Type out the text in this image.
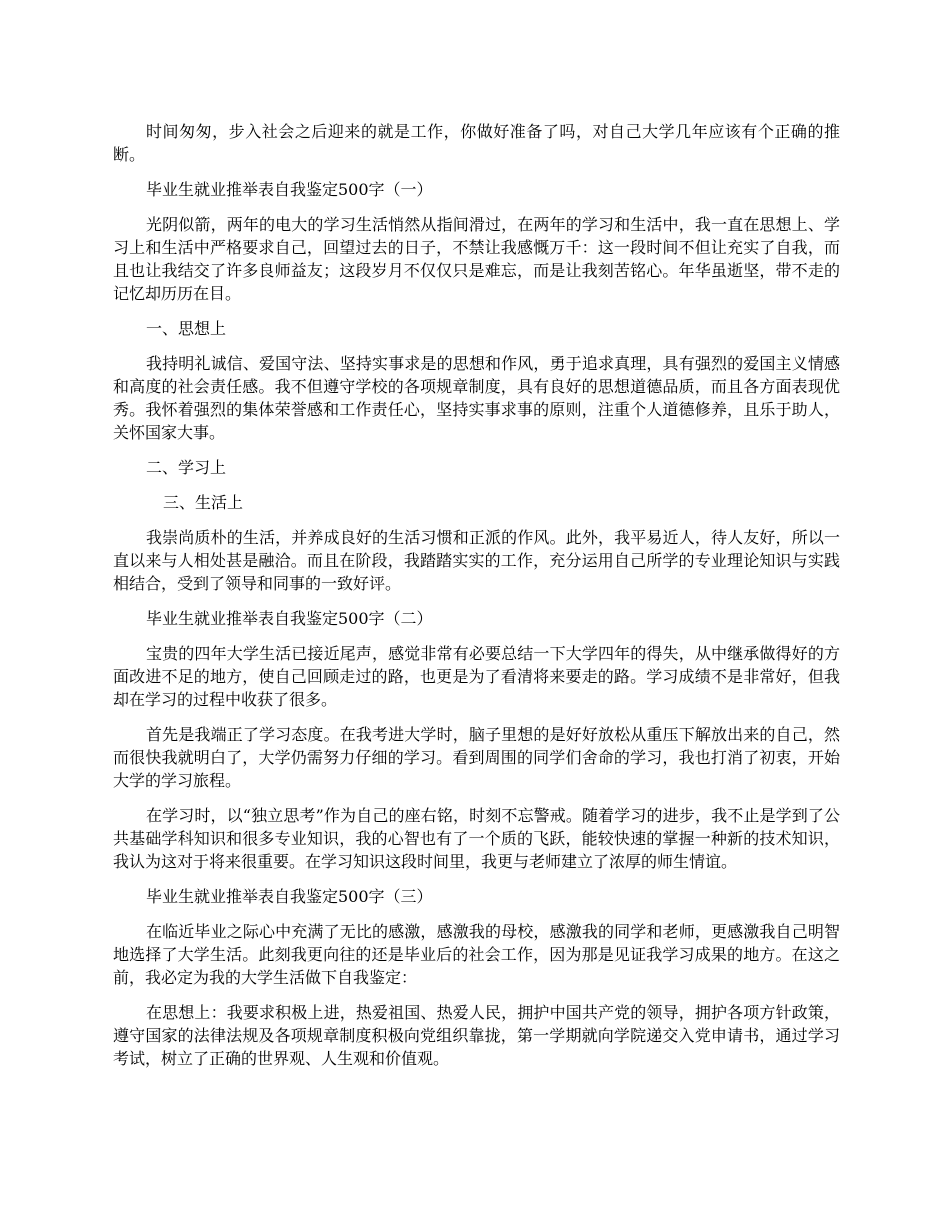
时间匆匆，步入社会之后迎来的就是工作，你做好准备了吗，对自己大学几年应该有个正确的推断。

毕业生就业推举表自我鉴定500字（一）

光阴似箭，两年的电大的学习生活悄然从指间滑过，在两年的学习和生活中，我一直在思想上、学习上和生活中严格要求自己，回望过去的日子，不禁让我感慨万千：这一段时间不但让充实了自我，而且也让我结交了许多良师益友；这段岁月不仅仅只是难忘，而是让我刻苦铭心。年华虽逝坚，带不走的记忆却历历在目。

一、思想上

我持明礼诚信、爱国守法、坚持实事求是的思想和作风，勇于追求真理，具有强烈的爱国主义情感和高度的社会责任感。我不但遵守学校的各项规章制度，具有良好的思想道德品质，而且各方面表现优秀。我怀着强烈的集体荣誉感和工作责任心，坚持实事求事的原则，注重个人道德修养，且乐于助人，关怀国家大事。

二、学习上

三、生活上

我崇尚质朴的生活，并养成良好的生活习惯和正派的作风。此外，我平易近人，待人友好，所以一直以来与人相处甚是融洽。而且在阶段，我踏踏实实的工作，充分运用自己所学的专业理论知识与实践相结合，受到了领导和同事的一致好评。

毕业生就业推举表自我鉴定500字（二）

宝贵的四年大学生活已接近尾声，感觉非常有必要总结一下大学四年的得失，从中继承做得好的方面改进不足的地方，使自己回顾走过的路，也更是为了看清将来要走的路。学习成绩不是非常好，但我却在学习的过程中收获了很多。

首先是我端正了学习态度。在我考进大学时，脑子里想的是好好放松从重压下解放出来的自己，然而很快我就明白了，大学仍需努力仔细的学习。看到周围的同学们舍命的学习，我也打消了初衷，开始大学的学习旅程。

在学习时，以“独立思考”作为自己的座右铭，时刻不忘警戒。随着学习的进步，我不止是学到了公共基础学科知识和很多专业知识，我的心智也有了一个质的飞跃，能较快速的掌握一种新的技术知识，我认为这对于将来很重要。在学习知识这段时间里，我更与老师建立了浓厚的师生情谊。

毕业生就业推举表自我鉴定500字（三）

在临近毕业之际心中充满了无比的感激，感激我的母校，感激我的同学和老师，更感激我自己明智地选择了大学生活。此刻我更向往的还是毕业后的社会工作，因为那是见证我学习成果的地方。在这之前，我必定为我的大学生活做下自我鉴定：

在思想上：我要求积极上进，热爱祖国、热爱人民，拥护中国共产党的领导，拥护各项方针政策，遵守国家的法律法规及各项规章制度积极向党组织靠拢，第一学期就向学院递交入党申请书，通过学习考试，树立了正确的世界观、人生观和价值观。
